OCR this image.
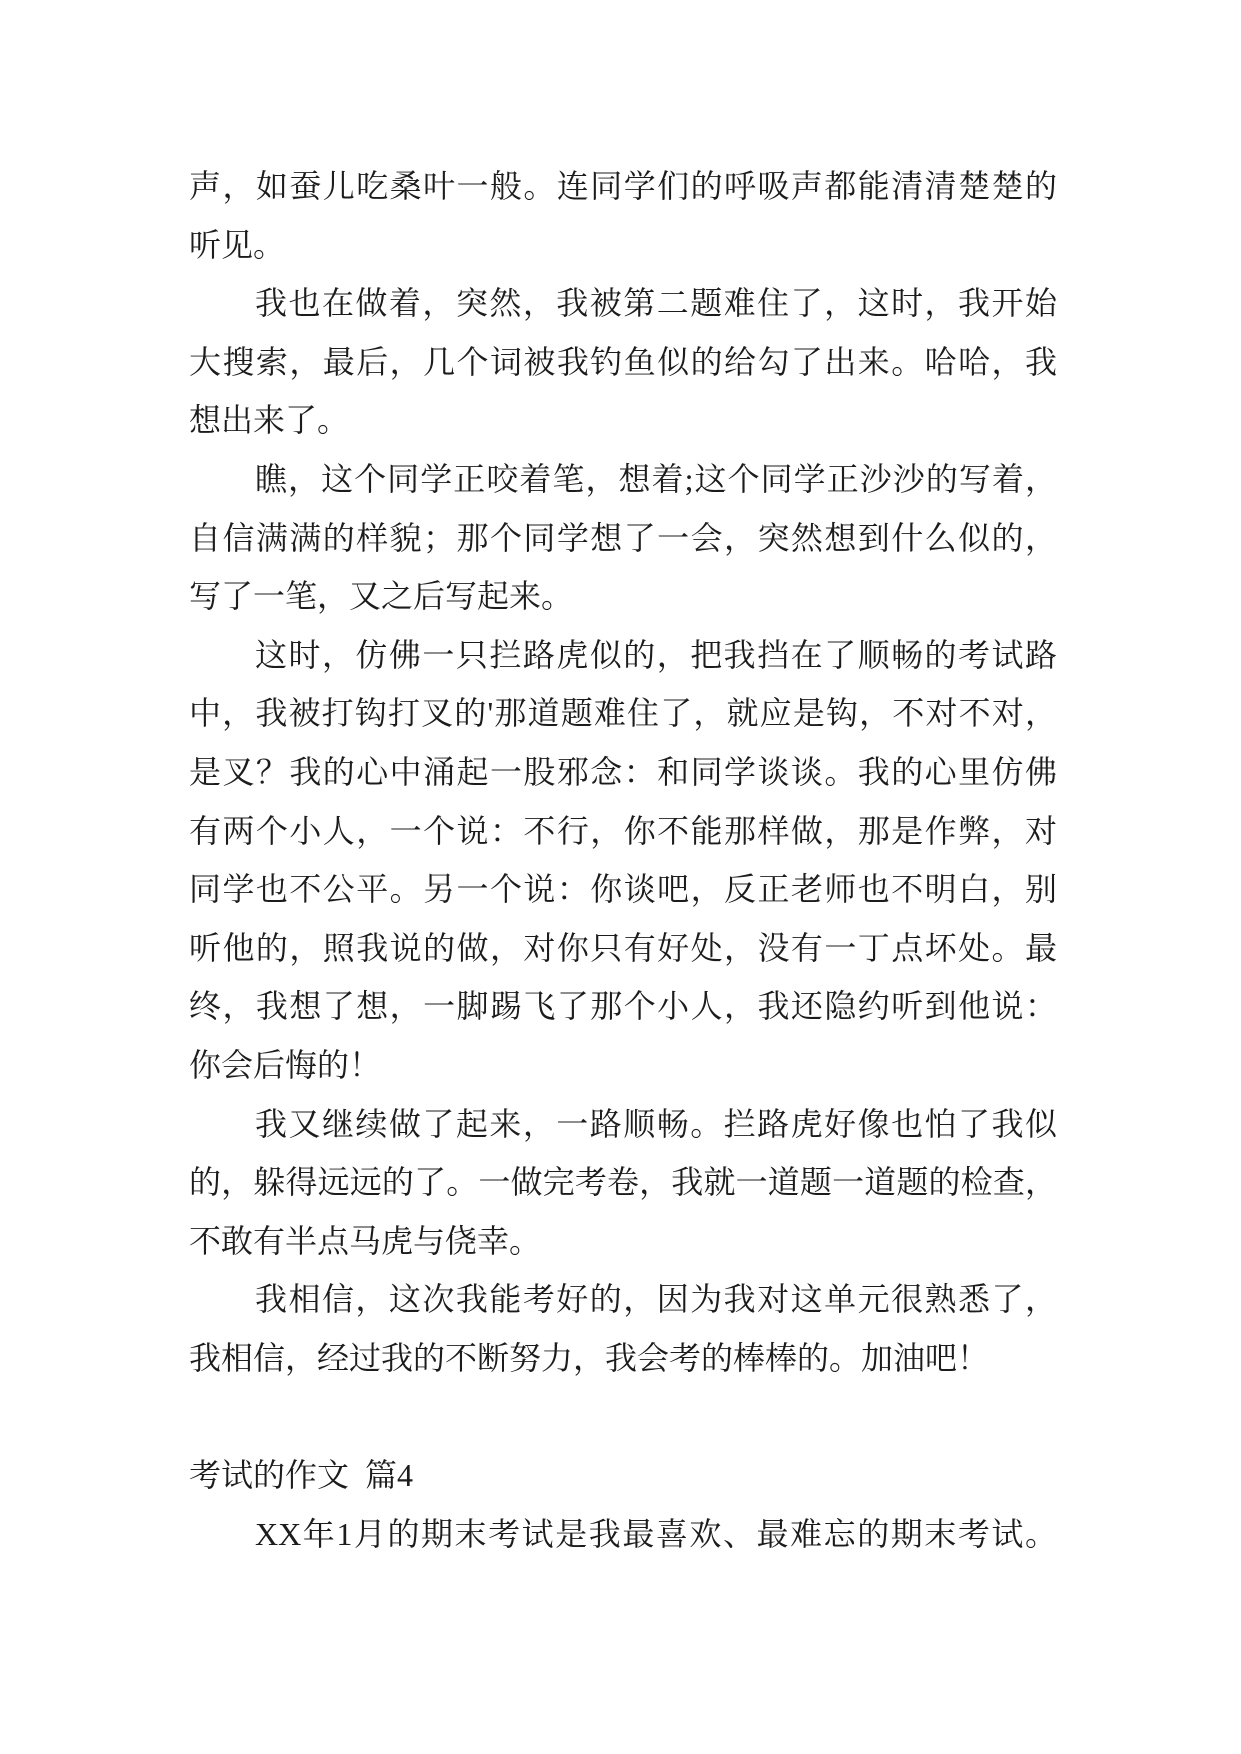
声，如蚕儿吃桑叶一般。连同学们的呼吸声都能清清楚楚的
听见。
我也在做着，突然，我被第二题难住了，这时，我开始
大搜索，最后，几个词被我钓鱼似的给勾了出来。哈哈，我
想出来了。
瞧，这个同学正咬着笔，想着;这个同学正沙沙的写着，
自信满满的样貌；那个同学想了一会，突然想到什么似的，
写了一笔，又之后写起来。
这时，仿佛一只拦路虎似的，把我挡在了顺畅的考试路
中，我被打钩打叉的'那道题难住了，就应是钩，不对不对，
是叉？我的心中涌起一股邪念：和同学谈谈。我的心里仿佛
有两个小人，一个说：不行，你不能那样做，那是作弊，对
同学也不公平。另一个说：你谈吧，反正老师也不明白，别
听他的，照我说的做，对你只有好处，没有一丁点坏处。最
终，我想了想，一脚踢飞了那个小人，我还隐约听到他说：
你会后悔的！
我又继续做了起来，一路顺畅。拦路虎好像也怕了我似
的，躲得远远的了。一做完考卷，我就一道题一道题的检查，
不敢有半点马虎与侥幸。
我相信，这次我能考好的，因为我对这单元很熟悉了，
我相信，经过我的不断努力，我会考的棒棒的。加油吧！
考试的作文  篇4
XX年1月的期末考试是我最喜欢、最难忘的期末考试。
